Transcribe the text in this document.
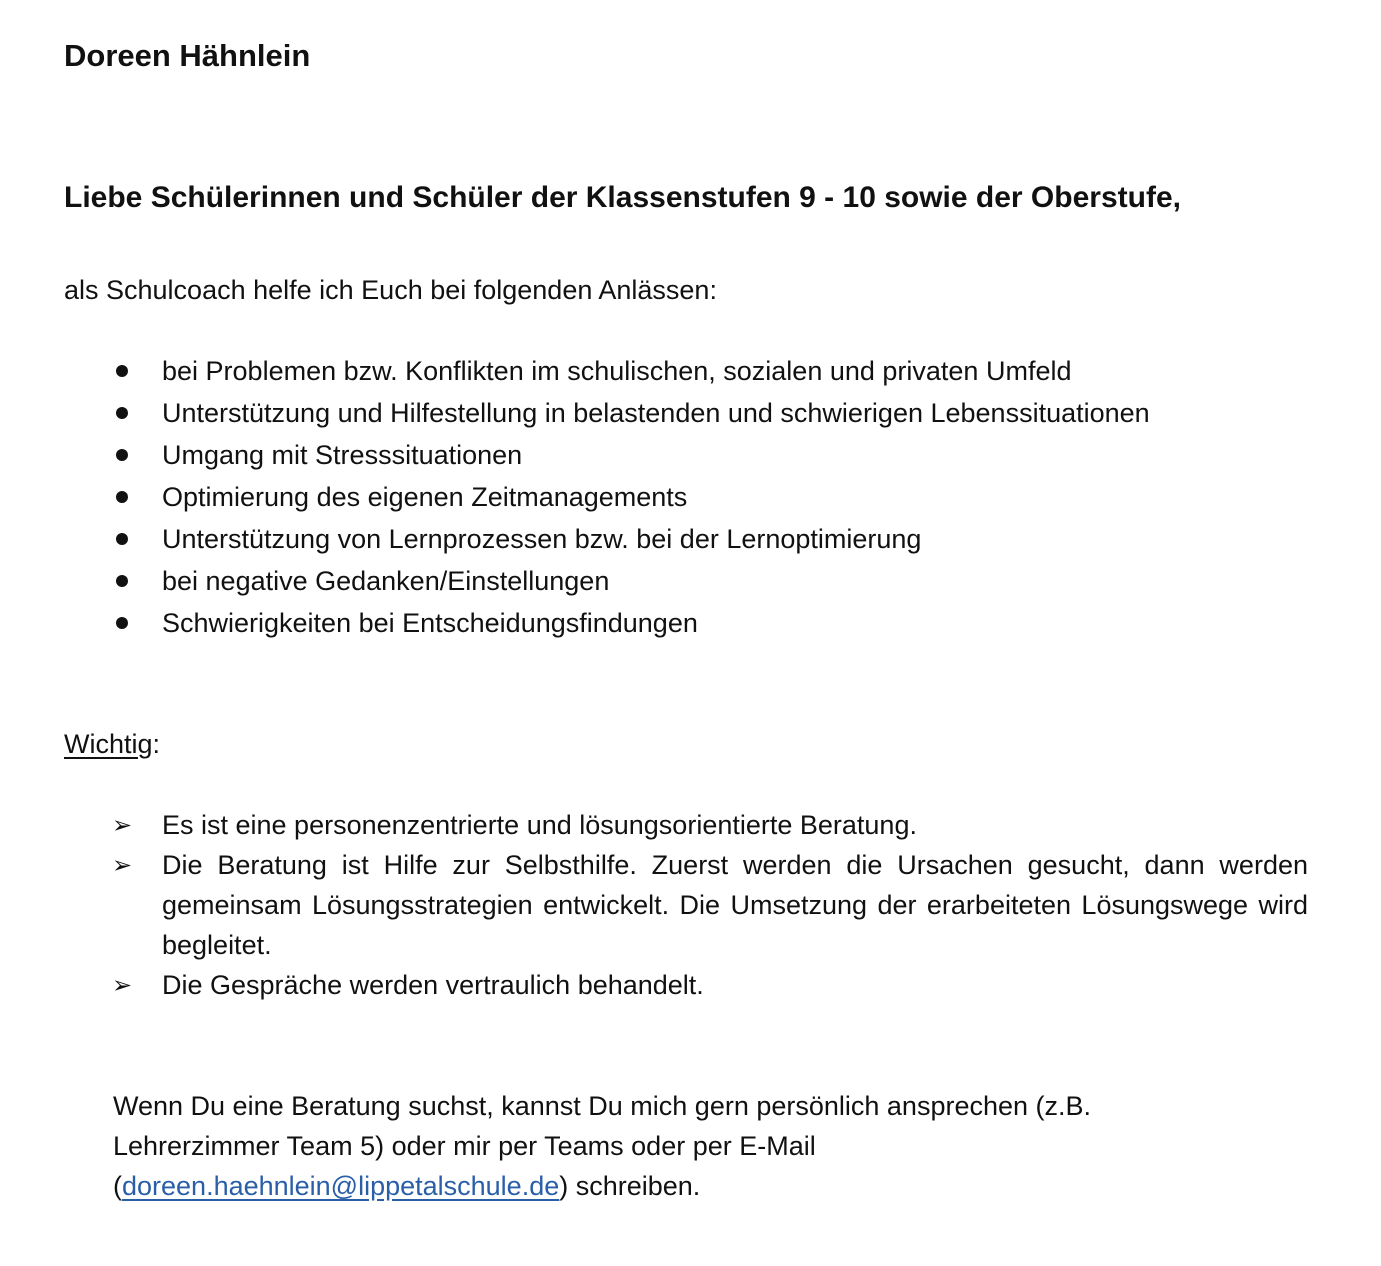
Doreen Hähnlein
Liebe Schülerinnen und Schüler der Klassenstufen 9 - 10 sowie der Oberstufe,

als Schulcoach helfe ich Euch bei folgenden Anlässen:

bei Problemen bzw. Konflikten im schulischen, sozialen und privaten Umfeld
Unterstützung und Hilfestellung in belastenden und schwierigen Lebenssituationen
Umgang mit Stresssituationen
Optimierung des eigenen Zeitmanagements
Unterstützung von Lernprozessen bzw. bei der Lernoptimierung
bei negative Gedanken/Einstellungen
Schwierigkeiten bei Entscheidungsfindungen

Wichtig:

➢ Es ist eine personenzentrierte und lösungsorientierte Beratung.
➢ Die Beratung ist Hilfe zur Selbsthilfe. Zuerst werden die Ursachen gesucht, dann werden gemeinsam Lösungsstrategien entwickelt. Die Umsetzung der erarbeiteten Lösungswege wird begleitet.
➢ Die Gespräche werden vertraulich behandelt.

Wenn Du eine Beratung suchst, kannst Du mich gern persönlich ansprechen (z.B. Lehrerzimmer Team 5) oder mir per Teams oder per E-Mail (doreen.haehnlein@lippetalschule.de) schreiben.
